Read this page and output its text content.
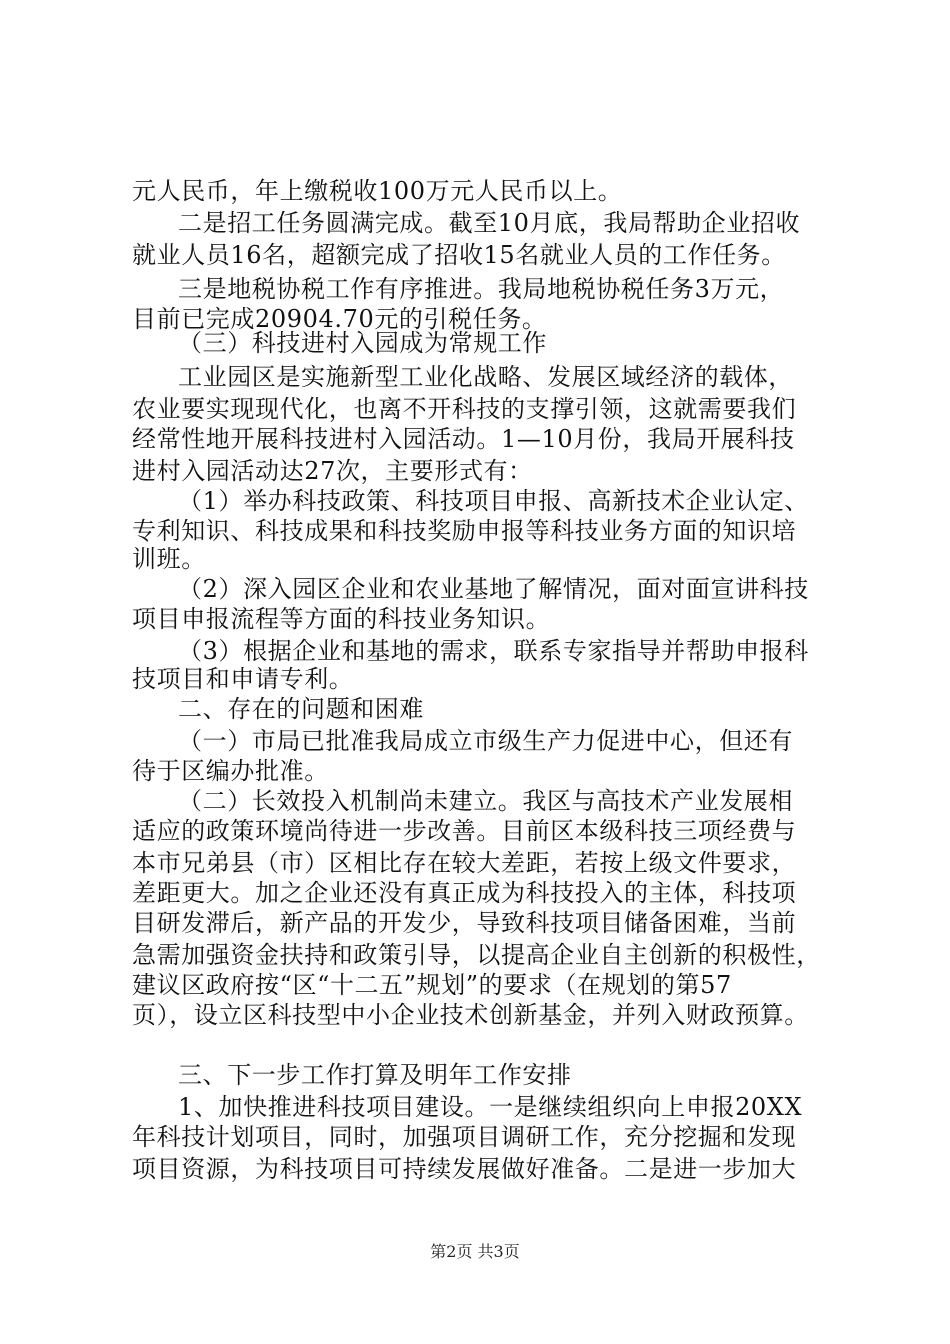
元人民币，年上缴税收100万元人民币以上。
二是招工任务圆满完成。截至10月底，我局帮助企业招收
就业人员16名，超额完成了招收15名就业人员的工作任务。
三是地税协税工作有序推进。我局地税协税任务3万元，
目前已完成20904.70元的引税任务。
（三）科技进村入园成为常规工作
工业园区是实施新型工业化战略、发展区域经济的载体，
农业要实现现代化，也离不开科技的支撑引领，这就需要我们
经常性地开展科技进村入园活动。1—10月份，我局开展科技
进村入园活动达27次，主要形式有：
（1）举办科技政策、科技项目申报、高新技术企业认定、
专利知识、科技成果和科技奖励申报等科技业务方面的知识培
训班。
（2）深入园区企业和农业基地了解情况，面对面宣讲科技
项目申报流程等方面的科技业务知识。
（3）根据企业和基地的需求，联系专家指导并帮助申报科
技项目和申请专利。
二、存在的问题和困难
（一）市局已批准我局成立市级生产力促进中心，但还有
待于区编办批准。
（二）长效投入机制尚未建立。我区与高技术产业发展相
适应的政策环境尚待进一步改善。目前区本级科技三项经费与
本市兄弟县（市）区相比存在较大差距，若按上级文件要求，
差距更大。加之企业还没有真正成为科技投入的主体，科技项
目研发滞后，新产品的开发少，导致科技项目储备困难，当前
急需加强资金扶持和政策引导，以提高企业自主创新的积极性，
建议区政府按“区“十二五”规划”的要求（在规划的第57
页），设立区科技型中小企业技术创新基金，并列入财政预算。
三、下一步工作打算及明年工作安排
1、加快推进科技项目建设。一是继续组织向上申报20XX
年科技计划项目，同时，加强项目调研工作，充分挖掘和发现
项目资源，为科技项目可持续发展做好准备。二是进一步加大
第2页 共3页
